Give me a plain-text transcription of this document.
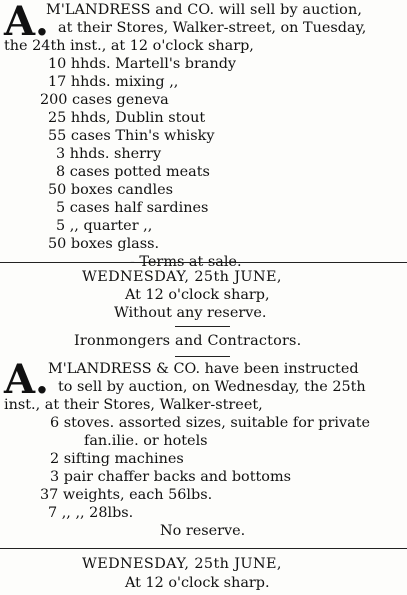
A.
M'LANDRESS and CO. will sell by auction,
at their Stores, Walker-street, on Tuesday,
the 24th inst., at 12 o'clock sharp,
10 hhds. Martell's brandy
17 hhds. mixing ,,
200 cases geneva
25 hhds, Dublin stout
55 cases Thin's whisky
3 hhds. sherry
8 cases potted meats
50 boxes candles
5 cases half sardines
5 ,, quarter ,,
50 boxes glass.
- Terms at sale.
WEDNESDAY, 25th JUNE,
At 12 o'clock sharp,
Without any reserve.
Ironmongers and Contractors.
A. M'LANDRESS & CO. have been instructed
to sell by auction, on Wednesday, the 25th
inst., at their Stores, Walker-street,
6 stoves. assorted sizes, suitable for private
fan.ilie. or hotels
2 sifting machines
3 pair chaffer backs and bottoms
37 weights, each 56lbs.
7 ,, ,, 28lbs.
No reserve.
WEDNESDAY, 25th JUNE,
At 12 o'clock sharp.
